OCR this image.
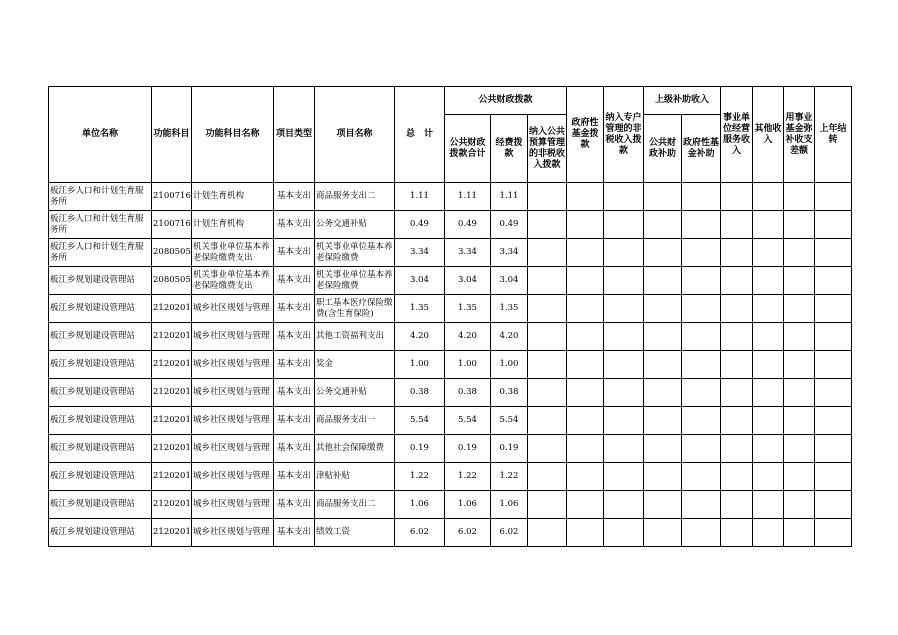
单位名称	功能科目	功能科目名称	项目类型	项目名称	总　计	公共财政拨款			政府性基金拨款	纳入专户管理的非税收入拨款	上级补助收入		事业单位经营服务收入	其他收入	用事业基金弥补收支差额	上年结转
						公共财政拨款合计	经费拨款	纳入公共预算管理的非税收入拨款			公共财政补助	政府性基金补助				
板江乡人口和计划生育服务所	2100716	计划生育机构	基本支出	商品服务支出二	1.11	1.11	1.11									
板江乡人口和计划生育服务所	2100716	计划生育机构	基本支出	公务交通补贴	0.49	0.49	0.49									
板江乡人口和计划生育服务所	2080505	机关事业单位基本养老保险缴费支出	基本支出	机关事业单位基本养老保险缴费	3.34	3.34	3.34									
板江乡规划建设管理站	2080505	机关事业单位基本养老保险缴费支出	基本支出	机关事业单位基本养老保险缴费	3.04	3.04	3.04									
板江乡规划建设管理站	2120201	城乡社区规划与管理	基本支出	职工基本医疗保险缴费(含生育保险)	1.35	1.35	1.35									
板江乡规划建设管理站	2120201	城乡社区规划与管理	基本支出	其他工资福利支出	4.20	4.20	4.20									
板江乡规划建设管理站	2120201	城乡社区规划与管理	基本支出	奖金	1.00	1.00	1.00									
板江乡规划建设管理站	2120201	城乡社区规划与管理	基本支出	公务交通补贴	0.38	0.38	0.38									
板江乡规划建设管理站	2120201	城乡社区规划与管理	基本支出	商品服务支出一	5.54	5.54	5.54									
板江乡规划建设管理站	2120201	城乡社区规划与管理	基本支出	其他社会保障缴费	0.19	0.19	0.19									
板江乡规划建设管理站	2120201	城乡社区规划与管理	基本支出	津贴补贴	1.22	1.22	1.22									
板江乡规划建设管理站	2120201	城乡社区规划与管理	基本支出	商品服务支出二	1.06	1.06	1.06									
板江乡规划建设管理站	2120201	城乡社区规划与管理	基本支出	绩效工资	6.02	6.02	6.02									
